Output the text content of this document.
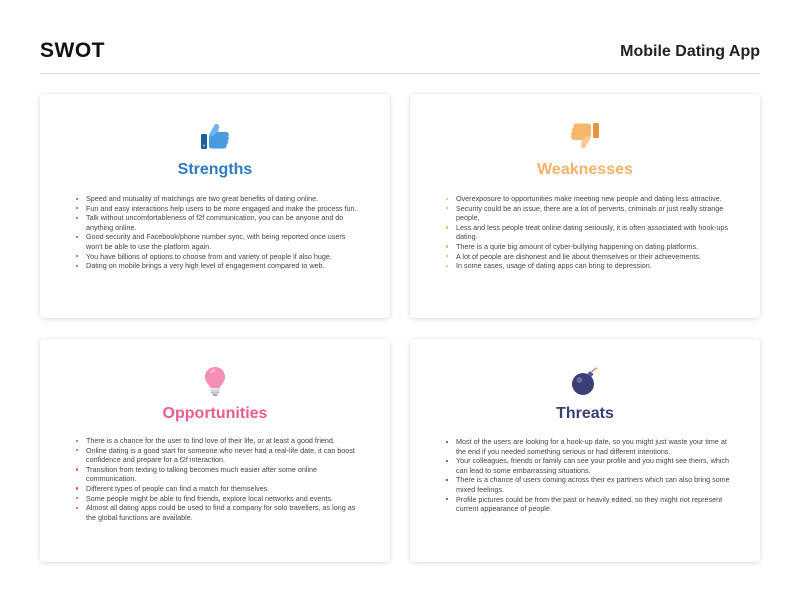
SWOT	Mobile Dating App
Strengths
Speed and mutuality of matchings are two great benefits of dating online.
Fun and easy interactions help users to be more engaged and make the process fun.
Talk without uncomfortableness of f2f communication, you can be anyone and do anything online.
Good security and Facebook/phone number sync, with being reported once users won't be able to use the platform again.
You have billions of options to choose from and variety of people if also huge.
Dating on mobile brings a very high level of engagement compared to web.
Weaknesses
Overexposure to opportunities make meeting new people and dating less attractive.
Security could be an issue, there are a lot of perverts, criminals or just really strange people.
Less and less people treat online dating seriously, it is often associated with hook-ups dating.
There is a quite big amount of cyber-bullying happening on dating platforms.
A lot of people are dishonest and lie about themselves or their achievements.
In some cases, usage of dating apps can bring to depression.
Opportunities
There is a chance for the user to find love of their life, or at least a good friend.
Online dating is a good start for someone who never had a real-life date, it can boost confidence and prepare for a f2f interaction.
Transition from texting to talking becomes much easier after some online communication.
Different types of people can find a match for themselves.
Some people might be able to find friends, explore local networks and events.
Almost all dating apps could be used to find a company for solo travellers, as long as the global functions are available.
Threats
Most of the users are looking for a hook-up date, so you might just waste your time at the end if you needed something serious or had different intentions.
Your colleagues, friends or family can see your profile and you might see theirs, which can lead to some embarrassing situations.
There is a chance of users coming across their ex partners which can also bring some mixed feelings.
Profile pictures could be from the past or heavily edited, so they might not represent current appearance of people.
